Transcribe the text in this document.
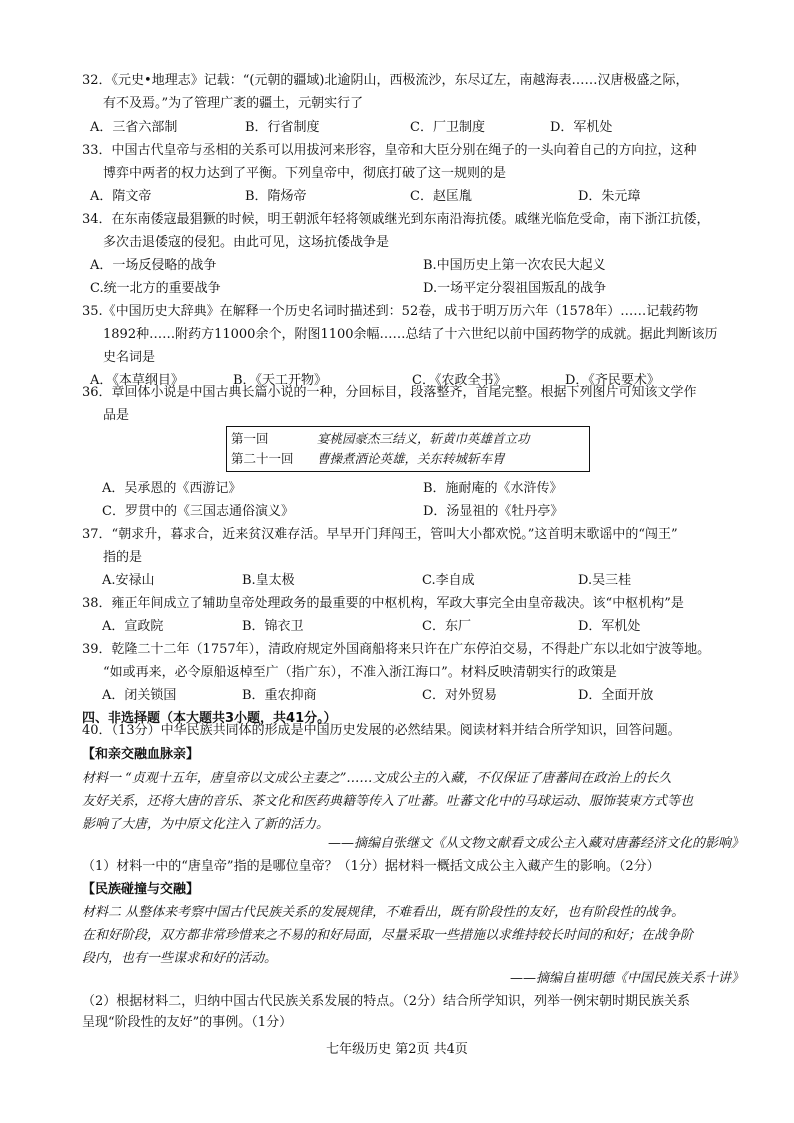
32．《元史•地理志》记载：“(元朝的疆域)北逾阴山，西极流沙，东尽辽左，南越海表……汉唐极盛之际，
有不及焉。”为了管理广袤的疆土，元朝实行了
A．三省六部制	B．行省制度	C．厂卫制度	D．军机处
33．中国古代皇帝与丞相的关系可以用拔河来形容，皇帝和大臣分别在绳子的一头向着自己的方向拉，这种
博弈中两者的权力达到了平衡。下列皇帝中，彻底打破了这一规则的是
A．隋文帝	B．隋炀帝	C．赵匡胤	D．朱元璋
34．在东南倭寇最猖獗的时候，明王朝派年轻将领戚继光到东南沿海抗倭。戚继光临危受命，南下浙江抗倭，
多次击退倭寇的侵犯。由此可见，这场抗倭战争是
A．一场反侵略的战争	B.中国历史上第一次农民大起义
C.统一北方的重要战争	D.一场平定分裂祖国叛乱的战争
35.《中国历史大辞典》在解释一个历史名词时描述到：52卷，成书于明万历六年（1578年）……记载药物
1892种……附药方11000余个，附图1100余幅……总结了十六世纪以前中国药物学的成就。据此判断该历
史名词是
A．《本草纲目》	B．《天工开物》	C．《农政全书》	D．《齐民要术》
36．章回体小说是中国古典长篇小说的一种，分回标目，段落整齐，首尾完整。根据下列图片可知该文学作
品是
第一回	宴桃园豪杰三结义，斩黄巾英雄首立功
第二十一回 曹操煮酒论英雄，关东转城斩车胄
A．吴承恩的《西游记》	B．施耐庵的《水浒传》
C．罗贯中的《三国志通俗演义》	D．汤显祖的《牡丹亭》
37．“朝求升，暮求合，近来贫汉难存活。早早开门拜闯王，管叫大小都欢悦。”这首明末歌谣中的“闯王”
指的是
A.安禄山	B.皇太极	C.李自成	D.吴三桂
38．雍正年间成立了辅助皇帝处理政务的最重要的中枢机构，军政大事完全由皇帝裁决。该“中枢机构”是
A．宣政院	B．锦衣卫	C．东厂	D．军机处
39．乾隆二十二年（1757年），清政府规定外国商船将来只许在广东停泊交易，不得赴广东以北如宁波等地。
“如或再来，必令原船返棹至广（指广东），不准入浙江海口”。材料反映清朝实行的政策是
A．闭关锁国	B．重农抑商	C．对外贸易	D．全面开放
四、非选择题（本大题共3小题，共41分。）
40．（13分）中华民族共同体的形成是中国历史发展的必然结果。阅读材料并结合所学知识，回答问题。
【和亲交融血脉亲】
材料一 “贞观十五年，唐皇帝以文成公主妻之”……文成公主的入藏，不仅保证了唐蕃间在政治上的长久
友好关系，还将大唐的音乐、茶文化和医药典籍等传入了吐蕃。吐蕃文化中的马球运动、服饰装束方式等也
影响了大唐，为中原文化注入了新的活力。
——摘编自张继文《从文物文献看文成公主入藏对唐蕃经济文化的影响》
（1）材料一中的“唐皇帝”指的是哪位皇帝？（1分）据材料一概括文成公主入藏产生的影响。（2分）
【民族碰撞与交融】
材料二 从整体来考察中国古代民族关系的发展规律，不难看出，既有阶段性的友好，也有阶段性的战争。
在和好阶段，双方都非常珍惜来之不易的和好局面，尽量采取一些措施以求维持较长时间的和好；在战争阶
段内，也有一些谋求和好的活动。
——摘编自崔明德《中国民族关系十讲》
（2）根据材料二，归纳中国古代民族关系发展的特点。（2分）结合所学知识，列举一例宋朝时期民族关系
呈现“阶段性的友好”的事例。（1分）
七年级历史 第2页 共4页
